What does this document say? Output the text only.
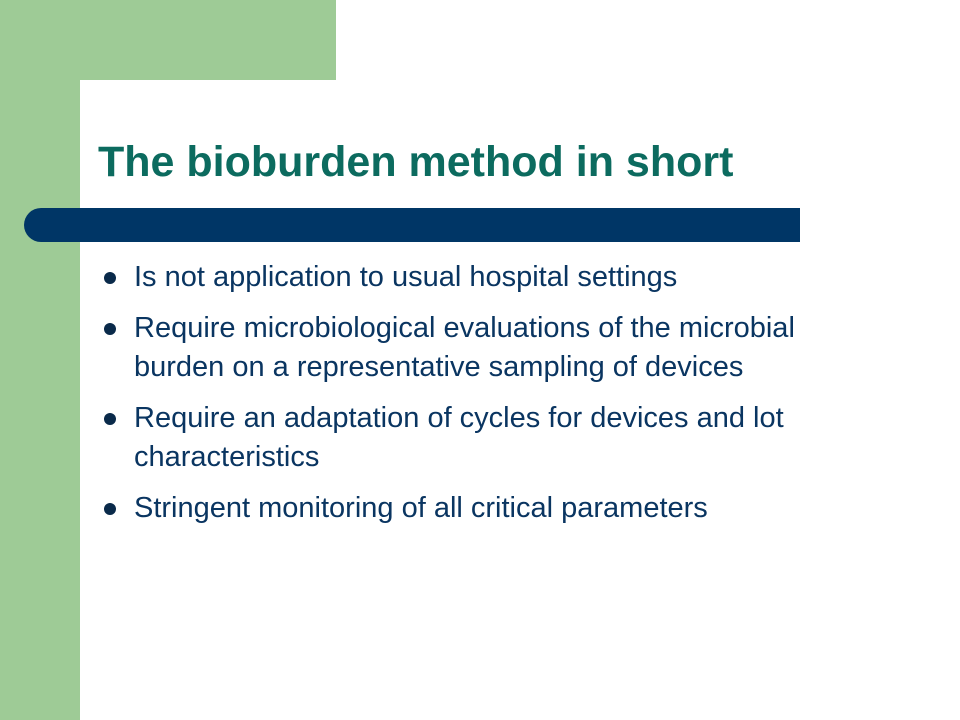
The bioburden method in short
Is not application to usual hospital settings
Require microbiological evaluations of the microbial burden on a representative sampling of devices
Require an adaptation of cycles for devices and lot characteristics
Stringent monitoring of all critical parameters
